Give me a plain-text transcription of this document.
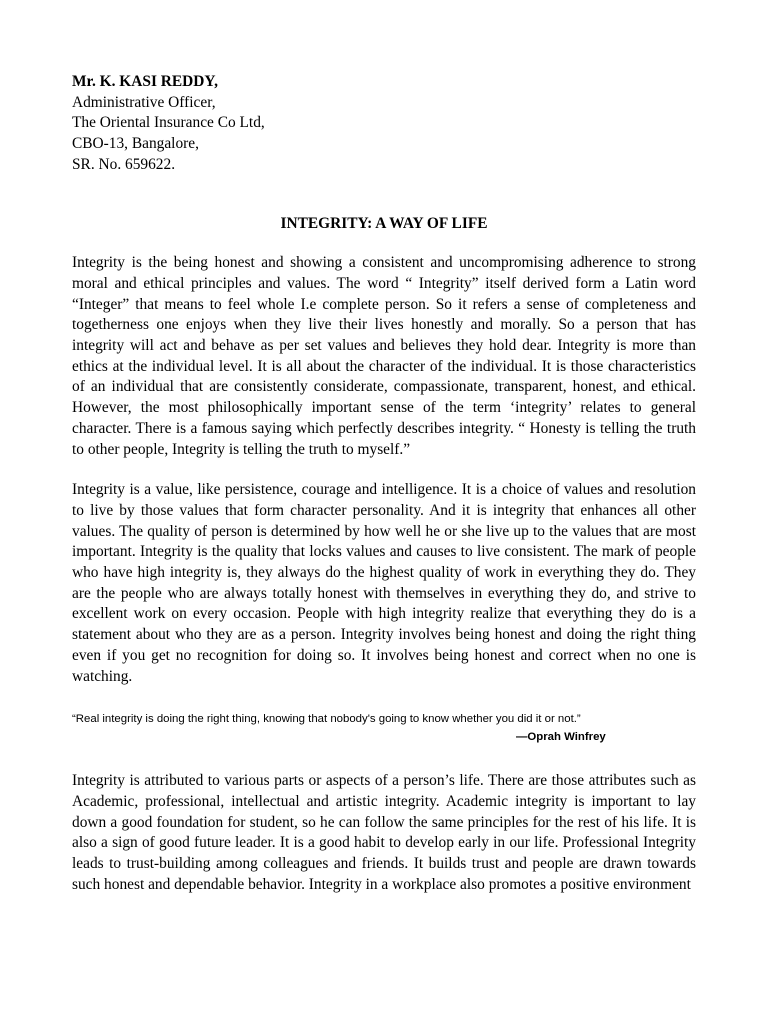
Mr. K. KASI REDDY,

Administrative Officer,

The Oriental Insurance Co Ltd,

CBO-13, Bangalore,

SR. No. 659622.

INTEGRITY: A WAY OF LIFE

Integrity is the being honest and showing a consistent and uncompromising adherence to strong moral and ethical principles and values. The word “ Integrity” itself derived form a Latin word “Integer” that means to feel whole I.e complete person. So it refers a sense of completeness and togetherness one enjoys when they live their lives honestly and morally. So a person that has integrity will act and behave as per set values and believes they hold dear. Integrity is more than ethics at the individual level. It is all about the character of the individual. It is those characteristics of an individual that are consistently considerate, compassionate, transparent, honest, and ethical. However, the most philosophically important sense of the term ‘integrity’ relates to general character. There is a famous saying which perfectly describes integrity. “ Honesty is telling the truth to other people, Integrity is telling the truth to myself.”

Integrity is a value, like persistence, courage and intelligence. It is a choice of values and resolution to live by those values that form character personality. And it is integrity that enhances all other values. The quality of person is determined by how well he or she live up to the values that are most important. Integrity is the quality that locks values and causes to live consistent. The mark of people who have high integrity is, they always do the highest quality of work in everything they do. They are the people who are always totally honest with themselves in everything they do, and strive to excellent work on every occasion. People with high integrity realize that everything they do is a statement about who they are as a person. Integrity involves being honest and doing the right thing even if you get no recognition for doing so. It involves being honest and correct when no one is watching.

“Real integrity is doing the right thing, knowing that nobody's going to know whether you did it or not.”

—Oprah Winfrey

Integrity is attributed to various parts or aspects of a person’s life. There are those attributes such as Academic, professional, intellectual and artistic integrity. Academic integrity is important to lay down a good foundation for student, so he can follow the same principles for the rest of his life. It is also a sign of good future leader. It is a good habit to develop early in our life. Professional Integrity leads to trust-building among colleagues and friends. It builds trust and people are drawn towards such honest and dependable behavior. Integrity in a workplace also promotes a positive environment
